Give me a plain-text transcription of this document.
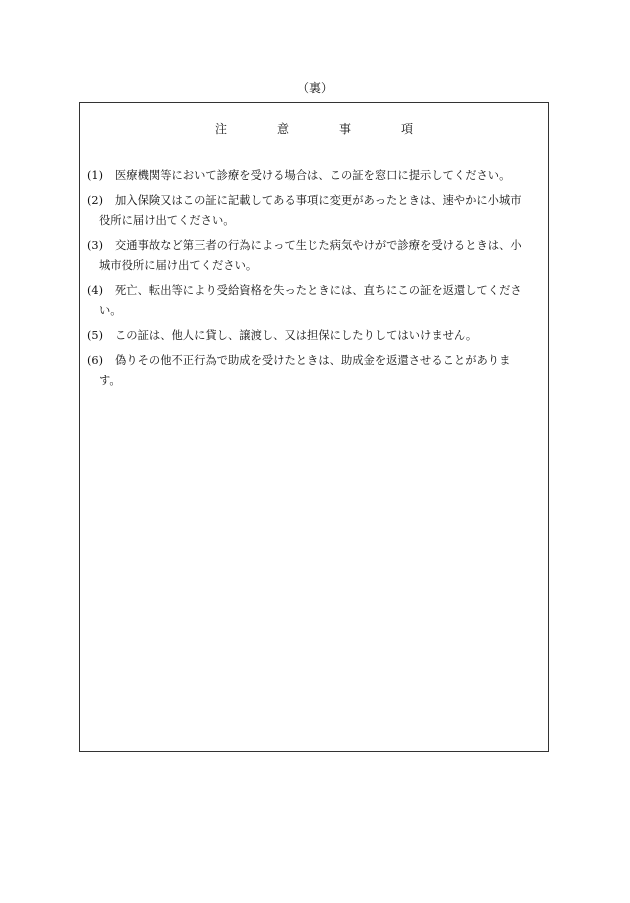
（裏）
注	意	事	項
(1)	医療機関等において診療を受ける場合は、この証を窓口に提示してください。
(2)	加入保険又はこの証に記載してある事項に変更があったときは、速やかに小城市
役所に届け出てください。
(3)	交通事故など第三者の行為によって生じた病気やけがで診療を受けるときは、小
城市役所に届け出てください。
(4)	死亡、転出等により受給資格を失ったときには、直ちにこの証を返還してくださ
い。
(5)	この証は、他人に貸し、譲渡し、又は担保にしたりしてはいけません。
(6)	偽りその他不正行為で助成を受けたときは、助成金を返還させることがありま
す。
